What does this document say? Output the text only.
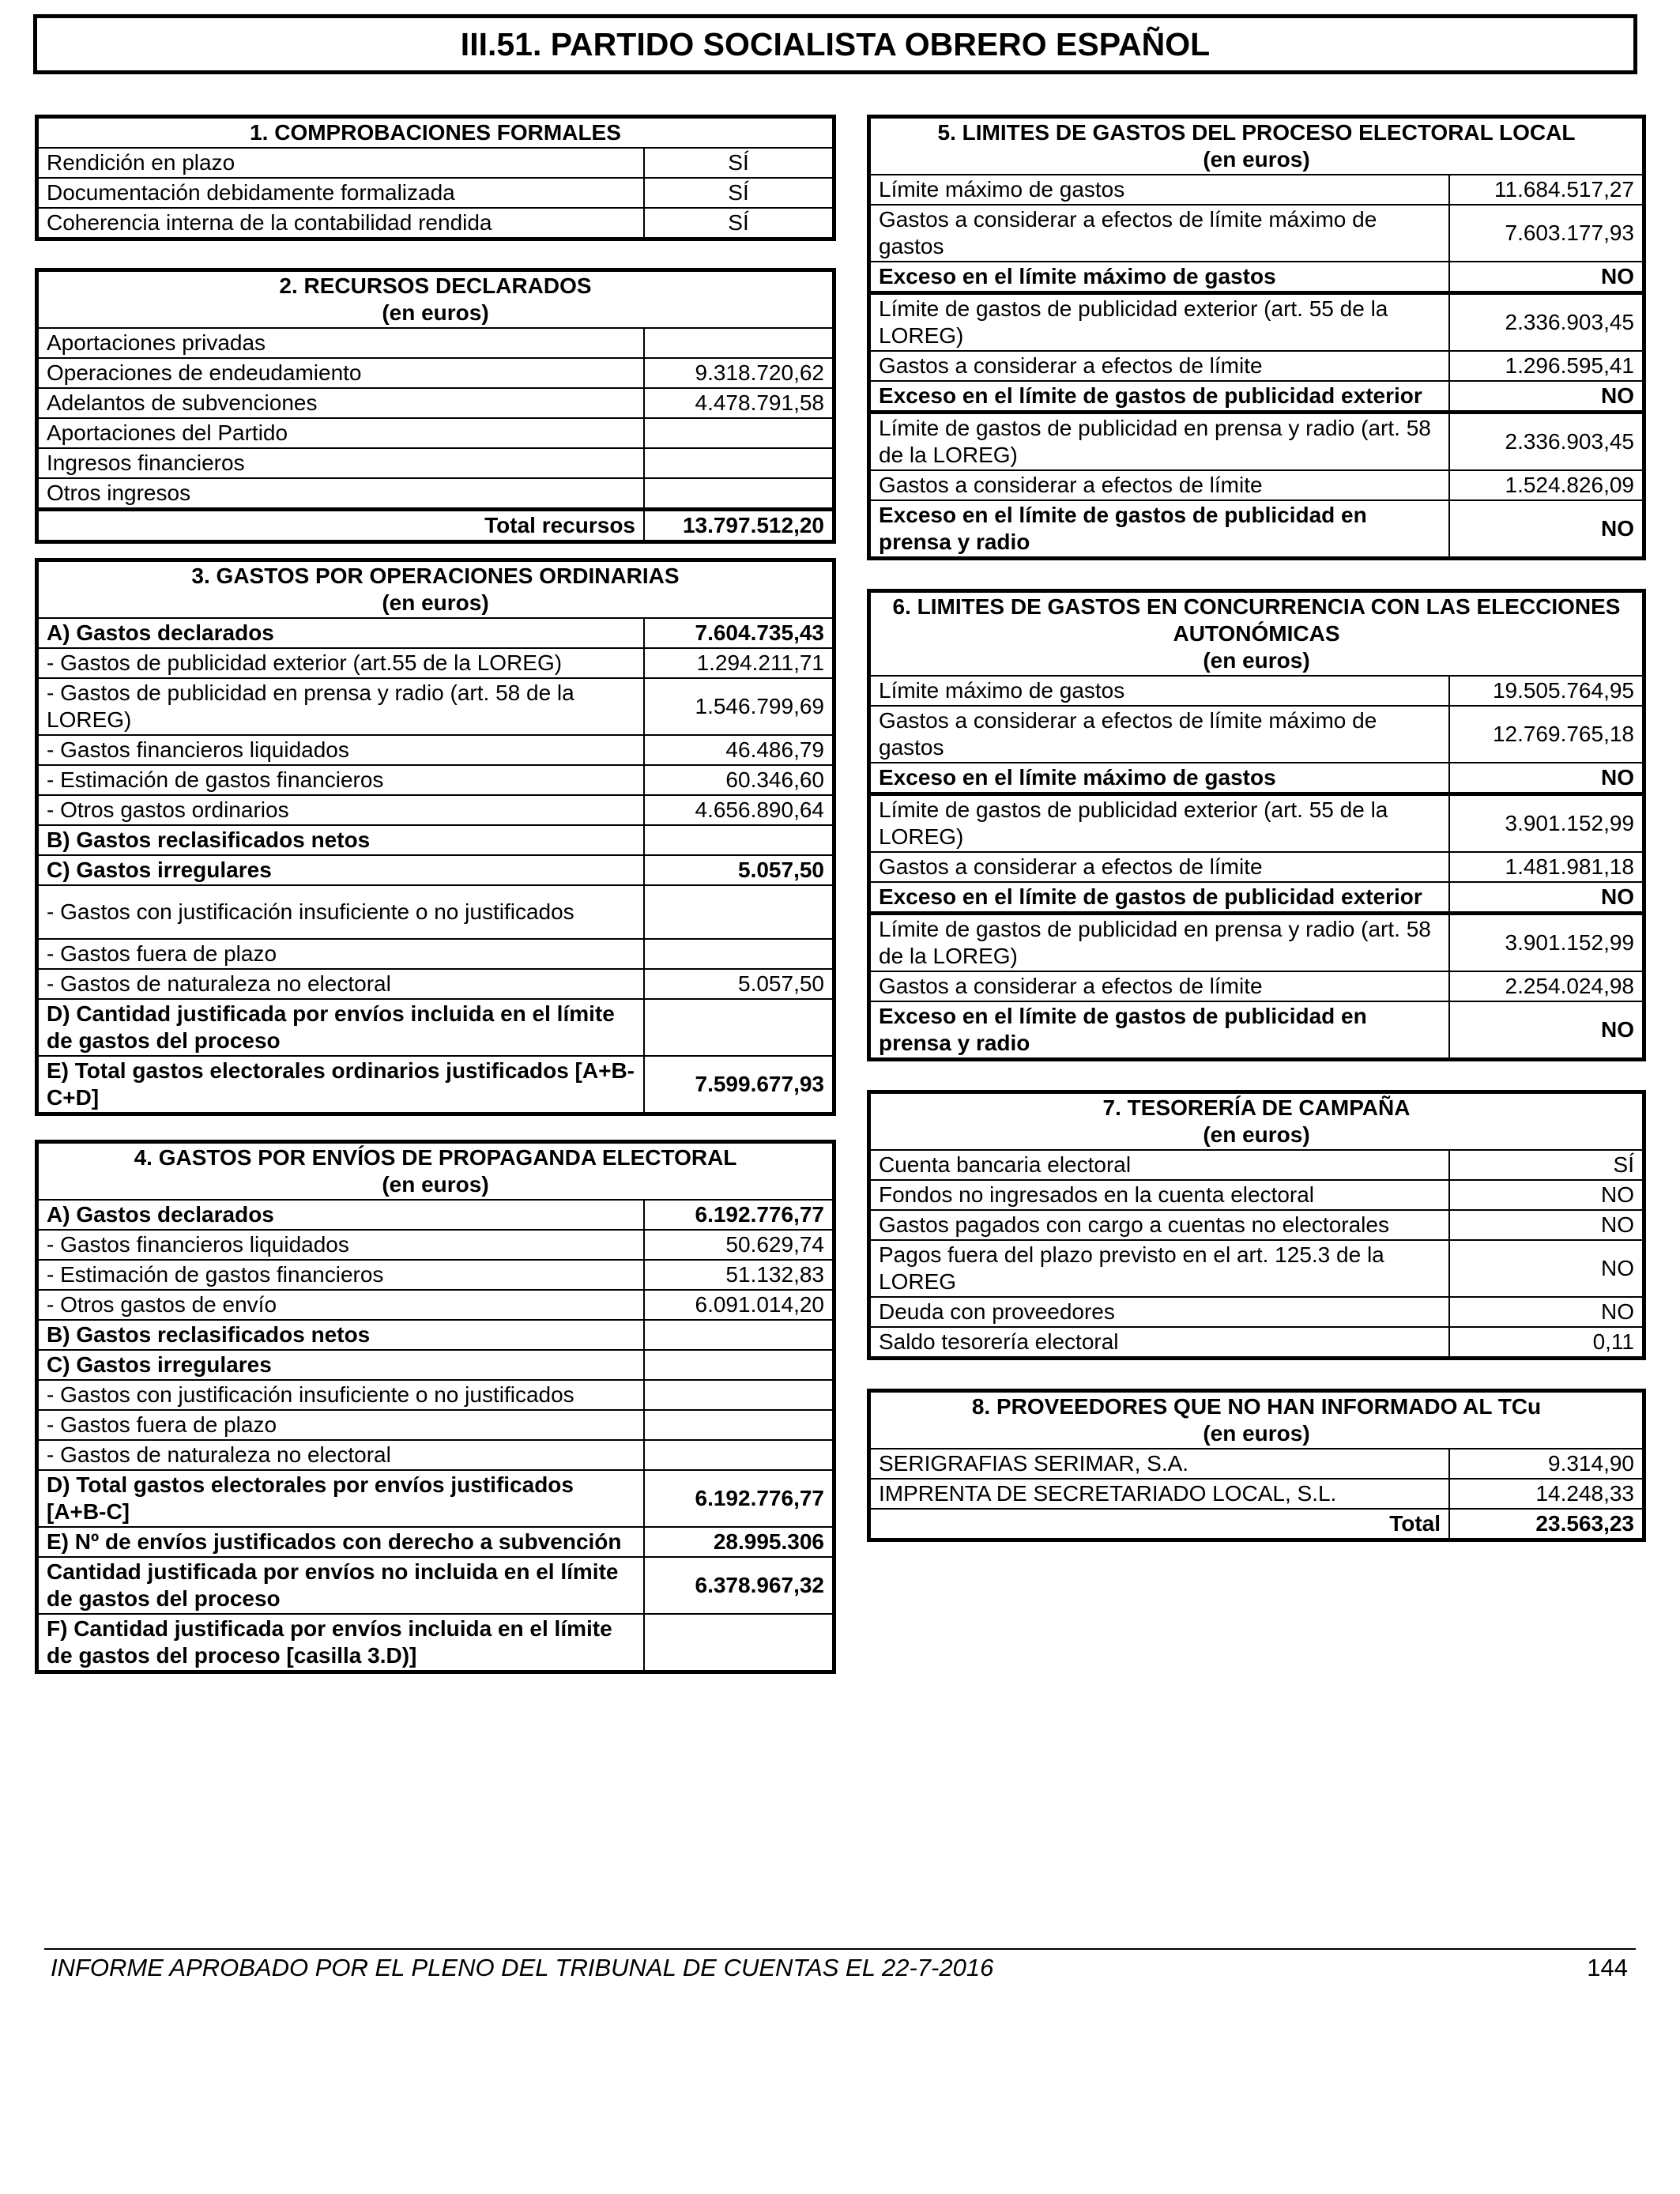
III.51. PARTIDO SOCIALISTA OBRERO ESPAÑOL
1. COMPROBACIONES FORMALES	
Rendición en plazo	SÍ
Documentación debidamente formalizada	SÍ
Coherencia interna de la contabilidad rendida	SÍ
2. RECURSOS DECLARADOS
(en euros)	

Aportaciones privadas	
Operaciones de endeudamiento	9.318.720,62
Adelantos de subvenciones	4.478.791,58
Aportaciones del Partido	
Ingresos financieros	
Otros ingresos	
Total recursos	13.797.512,20
3. GASTOS POR OPERACIONES ORDINARIAS
(en euros)	

A) Gastos declarados	7.604.735,43
- Gastos de publicidad exterior (art.55 de la LOREG)	1.294.211,71
- Gastos de publicidad en prensa y radio (art. 58 de la LOREG)	1.546.799,69
- Gastos financieros liquidados	46.486,79
- Estimación de gastos financieros	60.346,60
- Otros gastos ordinarios	4.656.890,64
B) Gastos reclasificados netos	
C) Gastos irregulares	5.057,50
- Gastos con justificación insuficiente o no justificados	
- Gastos fuera de plazo	
- Gastos de naturaleza no electoral	5.057,50
D) Cantidad justificada por envíos incluida en el límite de gastos del proceso	
E) Total gastos electorales ordinarios justificados [A+B-C+D]	7.599.677,93
4. GASTOS POR ENVÍOS DE PROPAGANDA ELECTORAL
(en euros)	

A) Gastos declarados	6.192.776,77
- Gastos financieros liquidados	50.629,74
- Estimación de gastos financieros	51.132,83
- Otros gastos de envío	6.091.014,20
B) Gastos reclasificados netos	
C) Gastos irregulares	
- Gastos con justificación insuficiente o no justificados	
- Gastos fuera de plazo	
- Gastos de naturaleza no electoral	
D) Total gastos electorales por envíos justificados [A+B-C]	6.192.776,77
E) Nº de envíos justificados con derecho a subvención	28.995.306
Cantidad justificada por envíos no incluida en el límite de gastos del proceso	6.378.967,32
F) Cantidad justificada por envíos incluida en el límite de gastos del proceso [casilla 3.D)]	
5. LIMITES DE GASTOS DEL PROCESO ELECTORAL LOCAL
(en euros)	

Límite máximo de gastos	11.684.517,27
Gastos a considerar a efectos de límite máximo de gastos	7.603.177,93
Exceso en el límite máximo de gastos	NO
Límite de gastos de publicidad exterior (art. 55 de la LOREG)	2.336.903,45
Gastos a considerar a efectos de límite	1.296.595,41
Exceso en el límite de gastos de publicidad exterior	NO
Límite de gastos de publicidad en prensa y radio (art. 58 de la LOREG)	2.336.903,45
Gastos a considerar a efectos de límite	1.524.826,09
Exceso en el límite de gastos de publicidad en prensa y radio	NO
6. LIMITES DE GASTOS EN CONCURRENCIA CON LAS ELECCIONES AUTONÓMICAS
(en euros)	

Límite máximo de gastos	19.505.764,95
Gastos a considerar a efectos de límite máximo de gastos	12.769.765,18
Exceso en el límite máximo de gastos	NO
Límite de gastos de publicidad exterior (art. 55 de la LOREG)	3.901.152,99
Gastos a considerar a efectos de límite	1.481.981,18
Exceso en el límite de gastos de publicidad exterior	NO
Límite de gastos de publicidad en prensa y radio (art. 58 de la LOREG)	3.901.152,99
Gastos a considerar a efectos de límite	2.254.024,98
Exceso en el límite de gastos de publicidad en prensa y radio	NO
7. TESORERÍA DE CAMPAÑA
(en euros)	

Cuenta bancaria electoral	SÍ
Fondos no ingresados en la cuenta electoral	NO
Gastos pagados con cargo a cuentas no electorales	NO
Pagos fuera del plazo previsto en el art. 125.3 de la LOREG	NO
Deuda con proveedores	NO
Saldo tesorería electoral	0,11
8. PROVEEDORES QUE NO HAN INFORMADO AL TCu
(en euros)	

SERIGRAFIAS SERIMAR, S.A.	9.314,90
IMPRENTA DE SECRETARIADO LOCAL, S.L.	14.248,33
Total	23.563,23
INFORME APROBADO POR EL PLENO DEL TRIBUNAL DE CUENTAS EL 22-7-2016	144
